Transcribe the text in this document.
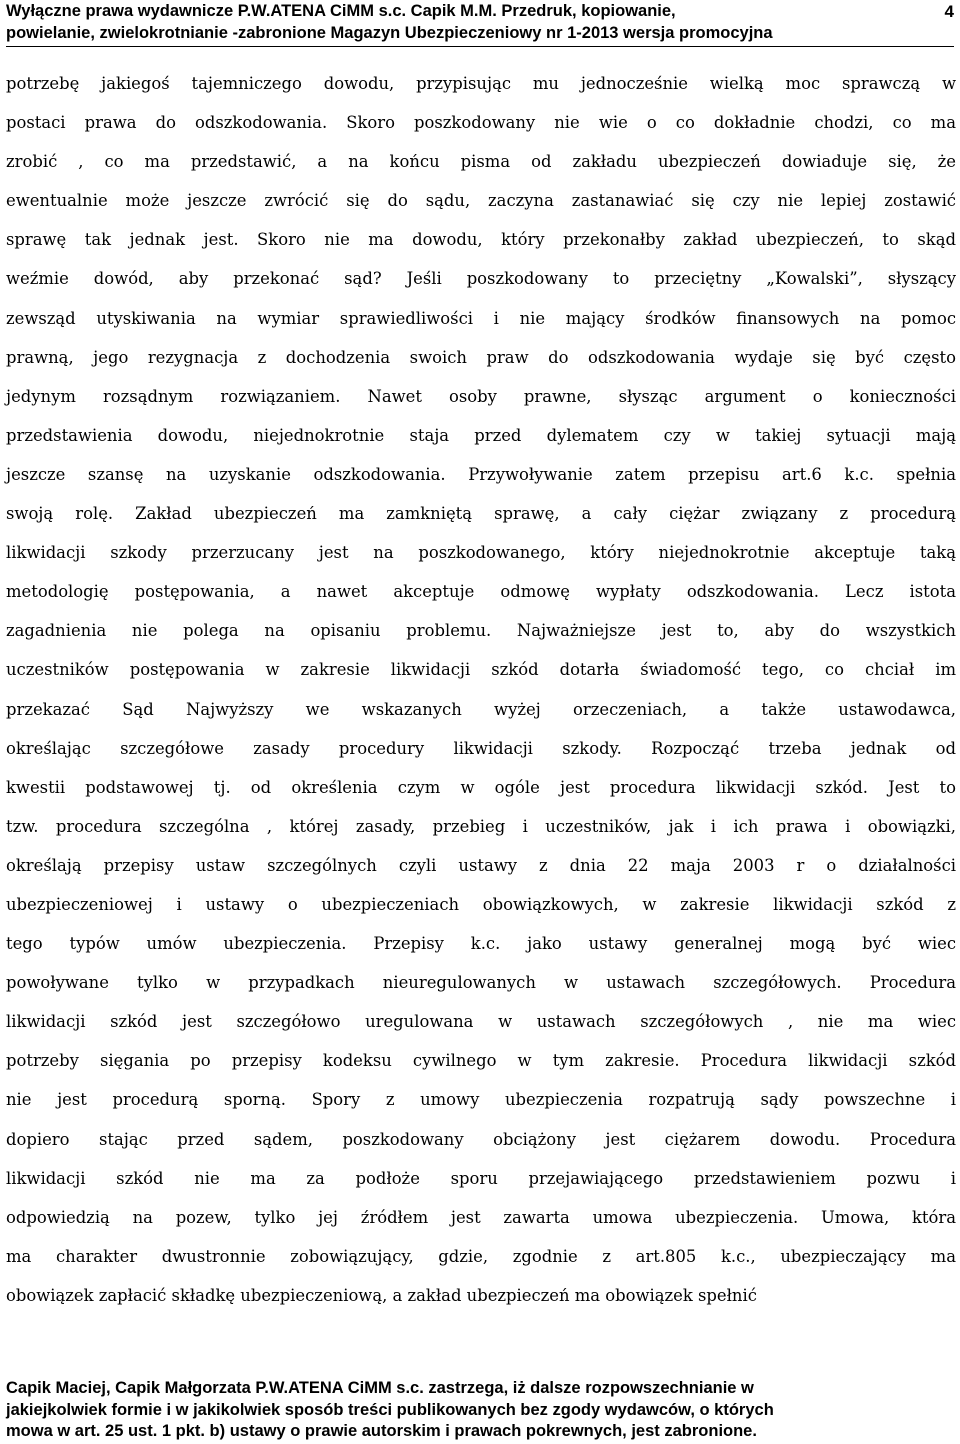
Wyłączne prawa wydawnicze P.W.ATENA CiMM s.c. Capik M.M. Przedruk, kopiowanie,
powielanie, zwielokrotnianie -zabronione Magazyn Ubezpieczeniowy nr 1-2013 wersja promocyjna
4
potrzebę jakiegoś tajemniczego dowodu, przypisując mu jednocześnie wielką moc sprawczą w
postaci prawa do odszkodowania. Skoro poszkodowany nie wie o co dokładnie chodzi, co ma
zrobić , co ma przedstawić, a na końcu pisma od zakładu ubezpieczeń dowiaduje się, że
ewentualnie może jeszcze zwrócić się do sądu, zaczyna zastanawiać się czy nie lepiej zostawić
sprawę tak jednak jest. Skoro nie ma dowodu, który przekonałby zakład ubezpieczeń, to skąd
weźmie dowód, aby przekonać sąd? Jeśli poszkodowany to przeciętny „Kowalski”, słyszący
zewsząd utyskiwania na wymiar sprawiedliwości i nie mający środków finansowych na pomoc
prawną, jego rezygnacja z dochodzenia swoich praw do odszkodowania wydaje się być często
jedynym rozsądnym rozwiązaniem. Nawet osoby prawne, słysząc argument o konieczności
przedstawienia dowodu, niejednokrotnie staja przed dylematem czy w takiej sytuacji mają
jeszcze szansę na uzyskanie odszkodowania. Przywoływanie zatem przepisu art.6 k.c. spełnia
swoją rolę. Zakład ubezpieczeń ma zamkniętą sprawę, a cały ciężar związany z procedurą
likwidacji szkody przerzucany jest na poszkodowanego, który niejednokrotnie akceptuje taką
metodologię postępowania, a nawet akceptuje odmowę wypłaty odszkodowania. Lecz istota
zagadnienia nie polega na opisaniu problemu. Najważniejsze jest to, aby do wszystkich
uczestników postępowania w zakresie likwidacji szkód dotarła świadomość tego, co chciał im
przekazać Sąd Najwyższy we wskazanych wyżej orzeczeniach, a także ustawodawca,
określając szczegółowe zasady procedury likwidacji szkody. Rozpocząć trzeba jednak od
kwestii podstawowej tj. od określenia czym w ogóle jest procedura likwidacji szkód. Jest to
tzw. procedura szczególna , której zasady, przebieg i uczestników, jak i ich prawa i obowiązki,
określają przepisy ustaw szczególnych czyli ustawy z dnia 22 maja 2003 r o działalności
ubezpieczeniowej i ustawy o ubezpieczeniach obowiązkowych, w zakresie likwidacji szkód z
tego typów umów ubezpieczenia. Przepisy k.c. jako ustawy generalnej mogą być wiec
powoływane tylko w przypadkach nieuregulowanych w ustawach szczegółowych. Procedura
likwidacji szkód jest szczegółowo uregulowana w ustawach szczegółowych , nie ma wiec
potrzeby sięgania po przepisy kodeksu cywilnego w tym zakresie. Procedura likwidacji szkód
nie jest procedurą sporną. Spory z umowy ubezpieczenia rozpatrują sądy powszechne i
dopiero stając przed sądem, poszkodowany obciążony jest ciężarem dowodu. Procedura
likwidacji szkód nie ma za podłoże sporu przejawiającego przedstawieniem pozwu i
odpowiedzią na pozew, tylko jej źródłem jest zawarta umowa ubezpieczenia. Umowa, która
ma charakter dwustronnie zobowiązujący, gdzie, zgodnie z art.805 k.c., ubezpieczający ma
obowiązek zapłacić składkę ubezpieczeniową, a zakład ubezpieczeń ma obowiązek spełnić
Capik Maciej, Capik Małgorzata P.W.ATENA CiMM s.c. zastrzega, iż dalsze rozpowszechnianie w
jakiejkolwiek formie i w jakikolwiek sposób treści publikowanych bez zgody wydawców, o których
mowa w art. 25 ust. 1 pkt. b) ustawy o prawie autorskim i prawach pokrewnych, jest zabronione.
